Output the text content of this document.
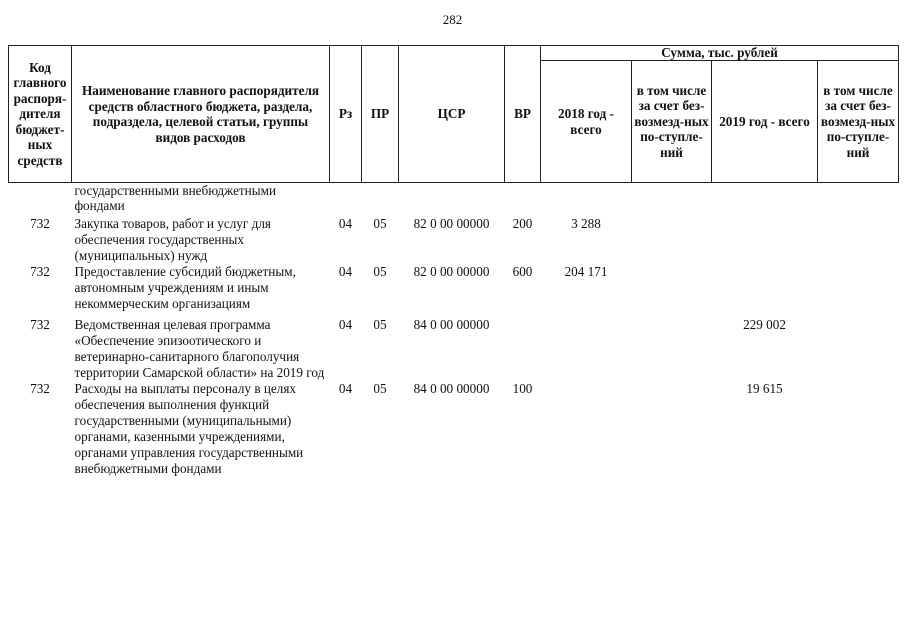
282
Код главного распоря-дителя бюджет-ных средств	Наименование главного распорядителя средств областного бюджета, раздела, подраздела, целевой статьи, группы видов расходов	Рз	ПР	ЦСР	ВР	Сумма, тыс. рублей			
						2018 год - всего	в том числе за счет без-возмезд-ных по-ступле-ний	2019 год - всего	в том числе за счет без-возмезд-ных по-ступле-ний
	государственными внебюджетными фондами								
732	Закупка товаров, работ и услуг для обеспечения государственных (муниципальных) нужд	04	05	82 0 00 00000	200	3 288			
732	Предоставление субсидий бюджетным, автономным учреждениям и иным некоммерческим организациям	04	05	82 0 00 00000	600	204 171			
732	Ведомственная целевая программа «Обеспечение эпизоотического и ветеринарно-санитарного благополучия территории Самарской области» на 2019 год	04	05	84 0 00 00000				229 002	
732	Расходы на выплаты персоналу в целях обеспечения выполнения функций государственными (муниципальными) органами, казенными учреждениями, органами управления государственными внебюджетными фондами	04	05	84 0 00 00000	100			19 615	
